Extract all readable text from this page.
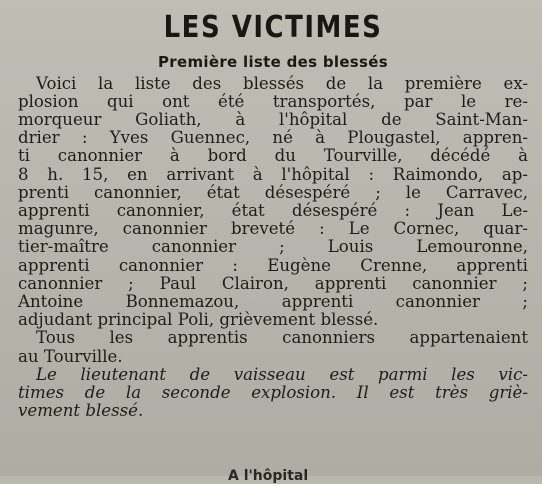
LES VICTIMES
Première liste des blessés

Voici la liste des blessés de la première ex-
plosion qui ont été transportés, par le re-
morqueur Goliath, à l'hôpital de Saint-Man-
drier : Yves Guennec, né à Plougastel, appren-
ti canonnier à bord du Tourville, décédé à
8 h. 15, en arrivant à l'hôpital : Raimondo, ap-
prenti canonnier, état désespéré ; le Carravec,
apprenti canonnier, état désespéré : Jean Le-
magunre, canonnier breveté : Le Cornec, quar-
tier-maître canonnier ; Louis Lemouronne,
apprenti canonnier : Eugène Crenne, apprenti
canonnier ; Paul Clairon, apprenti canonnier ;
Antoine Bonnemazou, apprenti canonnier ;
adjudant principal Poli, grièvement blessé.

Tous les apprentis canonniers appartenaient
au Tourville.

Le lieutenant de vaisseau est parmi les vic-
times de la seconde explosion. Il est très griè-
vement blessé.

A l'hôpital
